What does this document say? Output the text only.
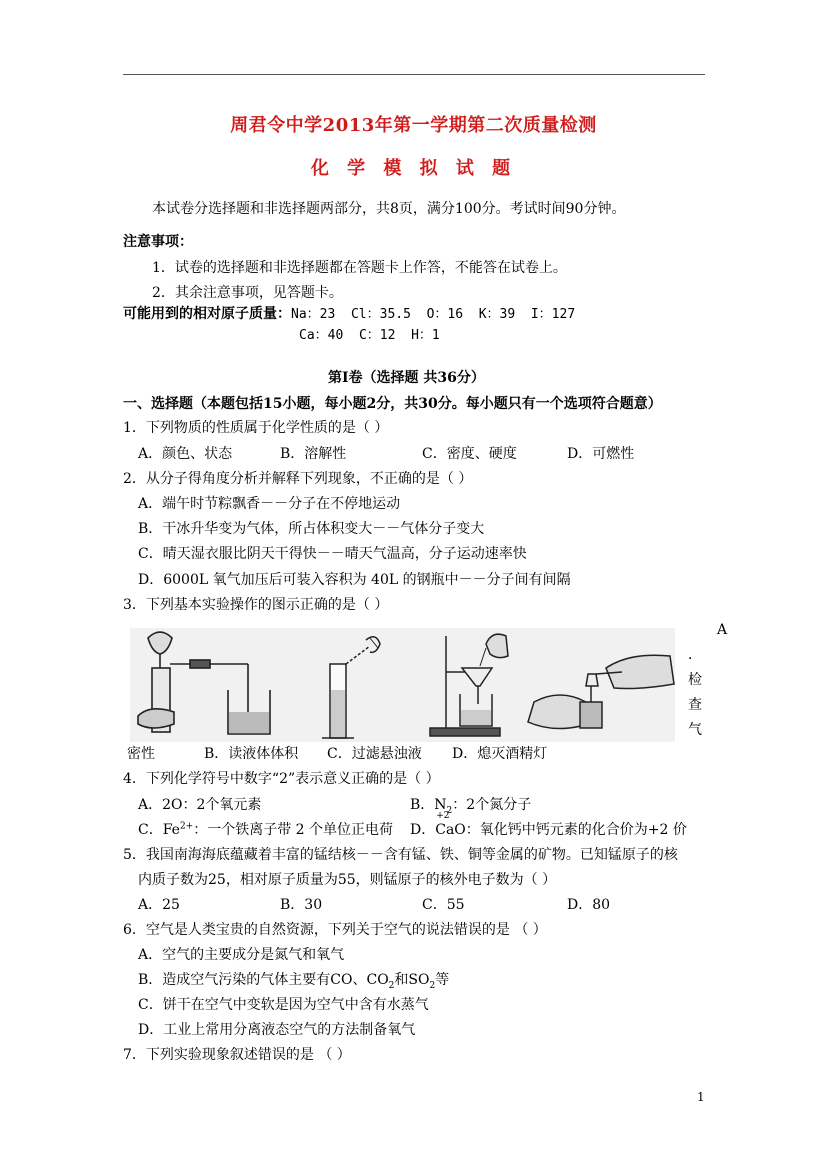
周君令中学2013年第一学期第二次质量检测
化 学 模 拟 试 题
本试卷分选择题和非选择题两部分，共8页，满分100分。考试时间90分钟。
注意事项：
1．试卷的选择题和非选择题都在答题卡上作答，不能答在试卷上。
2．其余注意事项，见答题卡。
可能用到的相对原子质量：Na：23  Cl：35.5  O：16  K：39  I：127
Ca：40  C：12  H：1
第Ⅰ卷（选择题 共36分）
一、选择题（本题包括15小题，每小题2分，共30分。每小题只有一个选项符合题意）
1．下列物质的性质属于化学性质的是（ ）
A．颜色、状态	B．溶解性	C．密度、硬度	D．可燃性
2．从分子得角度分析并解释下列现象，不正确的是（ ）
A．端午时节粽飘香－－分子在不停地运动
B．干冰升华变为气体，所占体积变大－－气体分子变大
C．晴天湿衣服比阴天干得快－－晴天气温高，分子运动速率快
D．6000L 氧气加压后可装入容积为 40L 的钢瓶中－－分子间有间隔
3．下列基本实验操作的图示正确的是（ ）
A
．
检
查
气
密性	B．读液体体积 C．过滤悬浊液 D．熄灭酒精灯
4．下列化学符号中数字“2”表示意义正确的是（ ）
A．2O：2个氧元素	B．$N_2$：2个氮分子
C．$Fe^{2+}$：一个铁离子带 2 个单位正电荷 D．
+2
CaO：氧化钙中钙元素的化合价为+2 价
5．我国南海海底蕴藏着丰富的锰结核－－含有锰、铁、铜等金属的矿物。已知锰原子的核
内质子数为25，相对原子质量为55，则锰原子的核外电子数为（ ）
A．25	B．30	C．55	D．80
6．空气是人类宝贵的自然资源，下列关于空气的说法错误的是 （ ）
A．空气的主要成分是氮气和氧气
B．造成空气污染的气体主要有CO、$CO_2$和$SO_2$等
C．饼干在空气中变软是因为空气中含有水蒸气
D．工业上常用分离液态空气的方法制备氧气
7．下列实验现象叙述错误的是 （ ）
1
